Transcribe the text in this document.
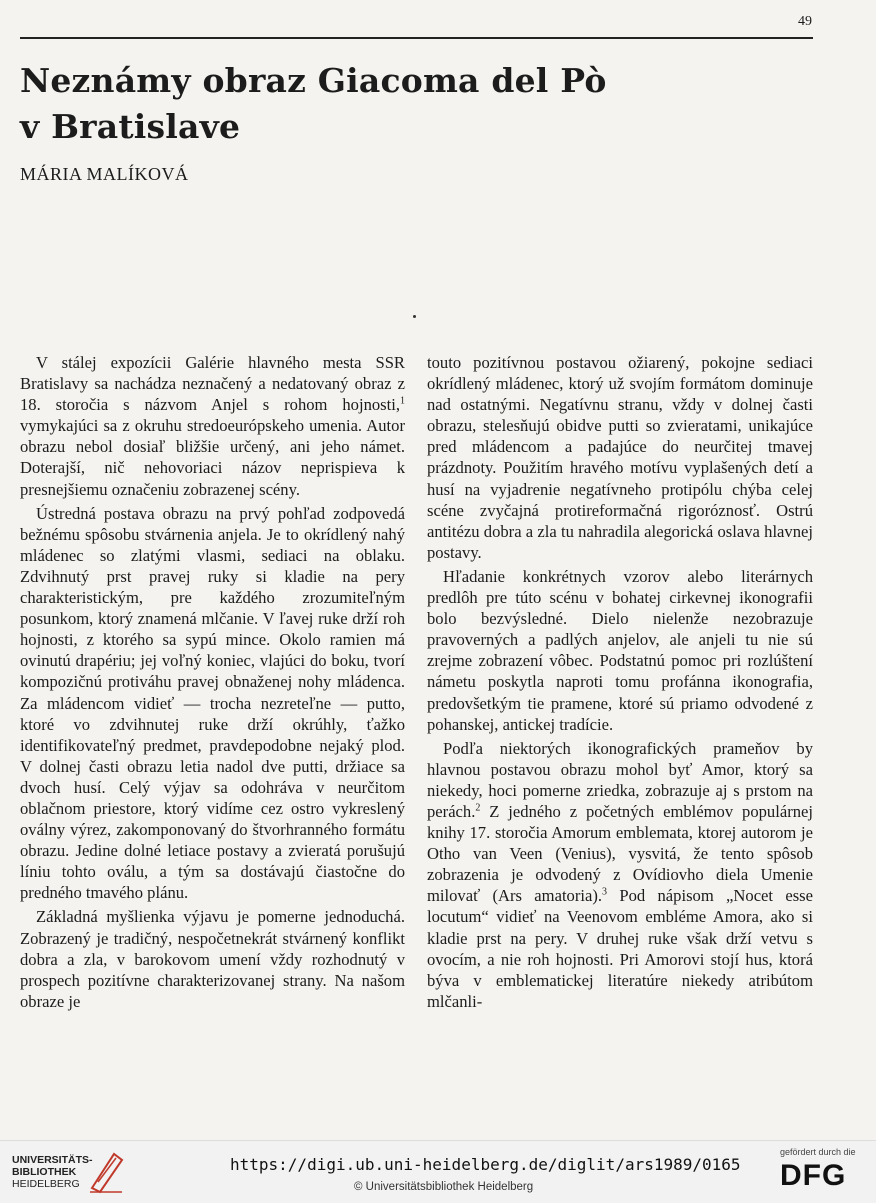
49
Neznámy obraz Giacoma del Pò
v Bratislave
MÁRIA MALÍKOVÁ

V stálej expozícii Galérie hlavného mesta SSR Bratislavy sa nachádza neznačený a nedatovaný obraz z 18. storočia s názvom Anjel s rohom hojnosti,$^1$ vymykajúci sa z okruhu stredoeurópskeho umenia. Autor obrazu nebol dosiaľ bližšie určený, ani jeho námet. Doterajší, nič nehovoriaci názov neprispieva k presnejšiemu označeniu zobrazenej scény.

Ústredná postava obrazu na prvý pohľad zodpovedá bežnému spôsobu stvárnenia anjela. Je to okrídlený nahý mládenec so zlatými vlasmi, sediaci na oblaku. Zdvihnutý prst pravej ruky si kladie na pery charakteristickým, pre každého zrozumiteľným posunkom, ktorý znamená mlčanie. V ľavej ruke drží roh hojnosti, z ktorého sa sypú mince. Okolo ramien má ovinutú drapériu; jej voľný koniec, vlajúci do boku, tvorí kompozičnú protiváhu pravej obnaženej nohy mládenca. Za mládencom vidieť — trocha nezreteľne — putto, ktoré vo zdvihnutej ruke drží okrúhly, ťažko identifikovateľný predmet, pravdepodobne nejaký plod. V dolnej časti obrazu letia nadol dve putti, držiace sa dvoch husí. Celý výjav sa odohráva v neurčitom oblačnom priestore, ktorý vidíme cez ostro vykreslený oválny výrez, zakomponovaný do štvorhranného formátu obrazu. Jedine dolné letiace postavy a zvieratá porušujú líniu tohto oválu, a tým sa dostávajú čiastočne do predného tmavého plánu.

Základná myšlienka výjavu je pomerne jednoduchá. Zobrazený je tradičný, nespočetnekrát stvárnený konflikt dobra a zla, v barokovom umení vždy rozhodnutý v prospech pozitívne charakterizovanej strany. Na našom obraze je

touto pozitívnou postavou ožiarený, pokojne sediaci okrídlený mládenec, ktorý už svojím formátom dominuje nad ostatnými. Negatívnu stranu, vždy v dolnej časti obrazu, stelesňujú obidve putti so zvieratami, unikajúce pred mládencom a padajúce do neurčitej tmavej prázdnoty. Použitím hravého motívu vyplašených detí a husí na vyjadrenie negatívneho protipólu chýba celej scéne zvyčajná protireformačná rigoróznosť. Ostrú antitézu dobra a zla tu nahradila alegorická oslava hlavnej postavy.

Hľadanie konkrétnych vzorov alebo literárnych predlôh pre túto scénu v bohatej cirkevnej ikonografii bolo bezvýsledné. Dielo nielenže nezobrazuje pravoverných a padlých anjelov, ale anjeli tu nie sú zrejme zobrazení vôbec. Podstatnú pomoc pri rozlúštení námetu poskytla naproti tomu profánna ikonografia, predovšetkým tie pramene, ktoré sú priamo odvodené z pohanskej, antickej tradície.

Podľa niektorých ikonografických prameňov by hlavnou postavou obrazu mohol byť Amor, ktorý sa niekedy, hoci pomerne zriedka, zobrazuje aj s prstom na perách.$^2$ Z jedného z početných emblémov populárnej knihy 17. storočia Amorum emblemata, ktorej autorom je Otho van Veen (Venius), vysvitá, že tento spôsob zobrazenia je odvodený z Ovídiovho diela Umenie milovať (Ars amatoria).$^3$ Pod nápisom „Nocet esse locutum“ vidieť na Veenovom embléme Amora, ako si kladie prst na pery. V druhej ruke však drží vetvu s ovocím, a nie roh hojnosti. Pri Amorovi stojí hus, ktorá býva v emblematickej literatúre niekedy atribútom mlčanli-

UNIVERSITÄTS-
BIBLIOTHEK
HEIDELBERG
https://digi.ub.uni-heidelberg.de/diglit/ars1989/0165
© Universitätsbibliothek Heidelberg
gefördert durch die
DFG
